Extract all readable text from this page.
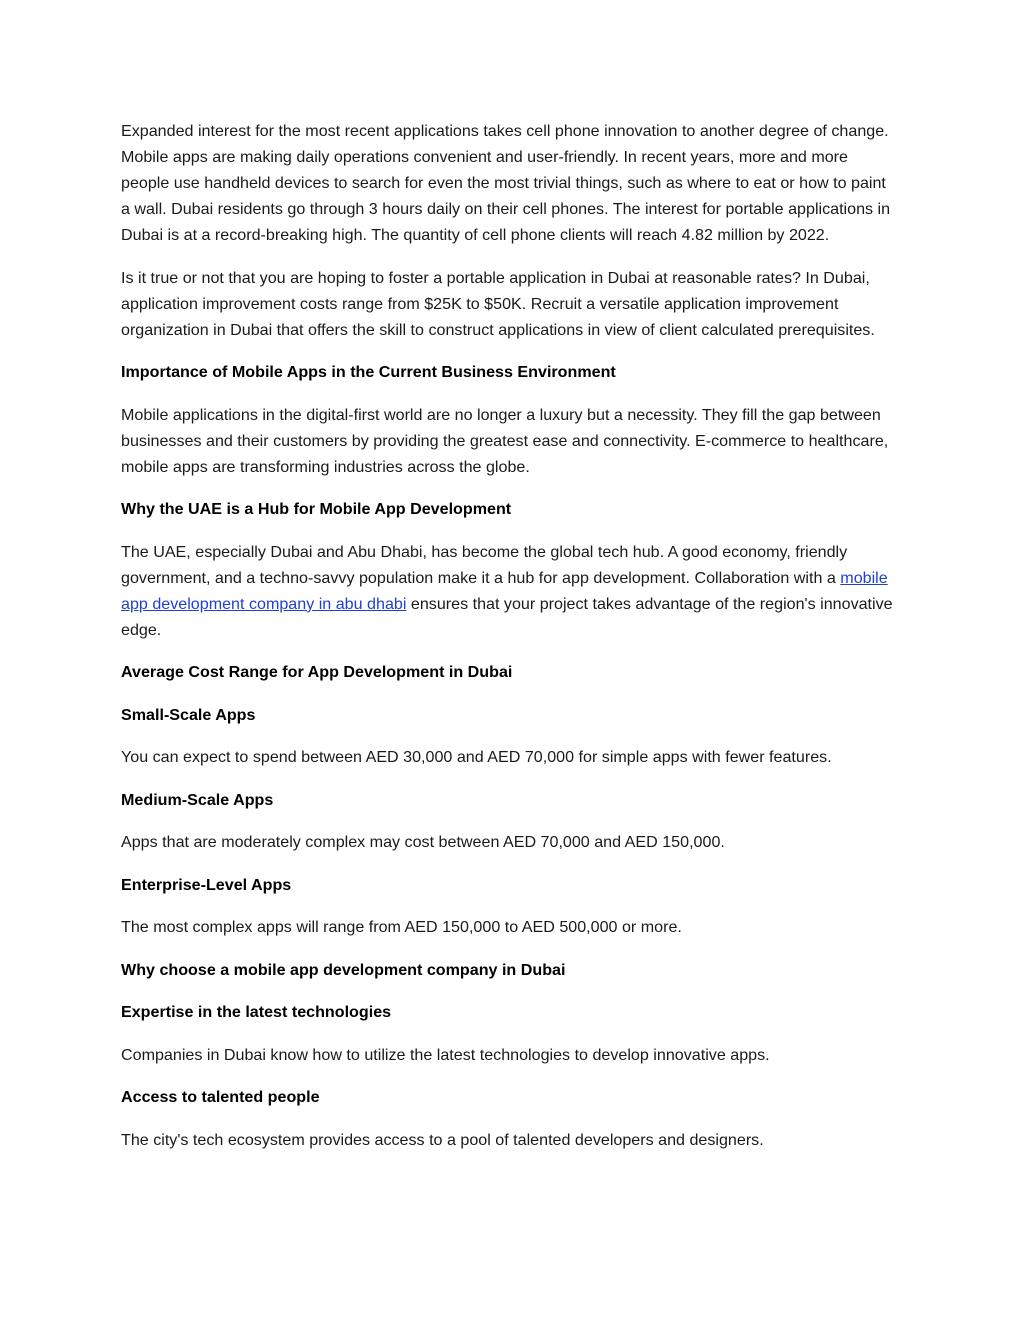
Expanded interest for the most recent applications takes cell phone innovation to another degree of change. Mobile apps are making daily operations convenient and user-friendly. In recent years, more and more people use handheld devices to search for even the most trivial things, such as where to eat or how to paint a wall. Dubai residents go through 3 hours daily on their cell phones. The interest for portable applications in Dubai is at a record-breaking high. The quantity of cell phone clients will reach 4.82 million by 2022.

Is it true or not that you are hoping to foster a portable application in Dubai at reasonable rates? In Dubai, application improvement costs range from $25K to $50K. Recruit a versatile application improvement organization in Dubai that offers the skill to construct applications in view of client calculated prerequisites.

Importance of Mobile Apps in the Current Business Environment

Mobile applications in the digital-first world are no longer a luxury but a necessity. They fill the gap between businesses and their customers by providing the greatest ease and connectivity. E-commerce to healthcare, mobile apps are transforming industries across the globe.

Why the UAE is a Hub for Mobile App Development

The UAE, especially Dubai and Abu Dhabi, has become the global tech hub. A good economy, friendly government, and a techno-savvy population make it a hub for app development. Collaboration with a mobile app development company in abu dhabi ensures that your project takes advantage of the region's innovative edge.

Average Cost Range for App Development in Dubai

Small-Scale Apps

You can expect to spend between AED 30,000 and AED 70,000 for simple apps with fewer features.

Medium-Scale Apps

Apps that are moderately complex may cost between AED 70,000 and AED 150,000.

Enterprise-Level Apps

The most complex apps will range from AED 150,000 to AED 500,000 or more.

Why choose a mobile app development company in Dubai

Expertise in the latest technologies

Companies in Dubai know how to utilize the latest technologies to develop innovative apps.

Access to talented people

The city's tech ecosystem provides access to a pool of talented developers and designers.
